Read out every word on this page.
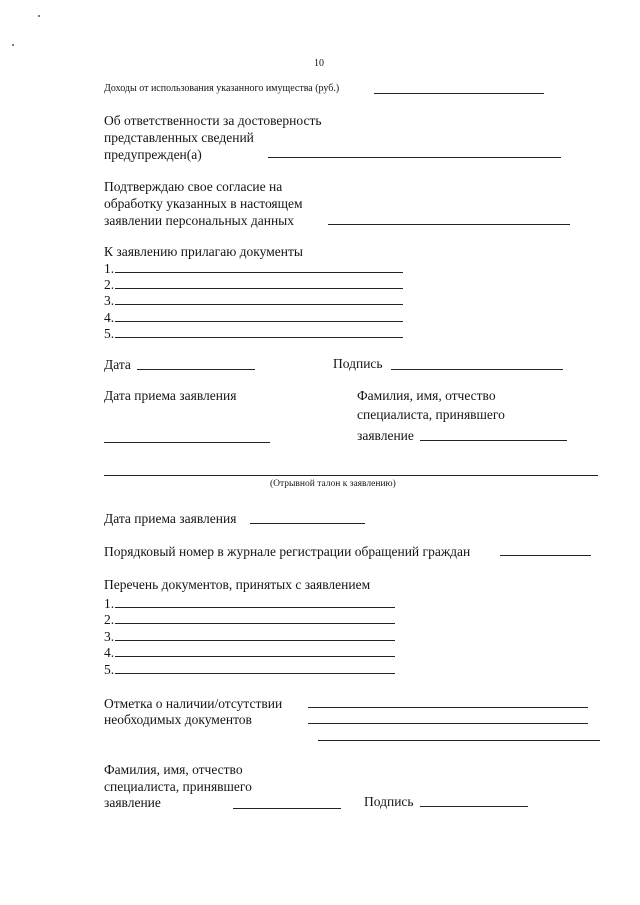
10
Доходы от использования указанного имущества (руб.)
Об ответственности за достоверность
представленных сведений
предупрежден(а)
Подтверждаю свое согласие на
обработку указанных в настоящем
заявлении персональных данных
К заявлению прилагаю документы
1.
2.
3.
4.
5.
Дата	Подпись
Дата приема заявления	Фамилия, имя, отчество
специалиста, принявшего
заявление
(Отрывной талон к заявлению)
Дата приема заявления
Порядковый номер в журнале регистрации обращений граждан
Перечень документов, принятых с заявлением
1.
2.
3.
4.
5.
Отметка о наличии/отсутствии
необходимых документов
Фамилия, имя, отчество
специалиста, принявшего
заявление	Подпись
